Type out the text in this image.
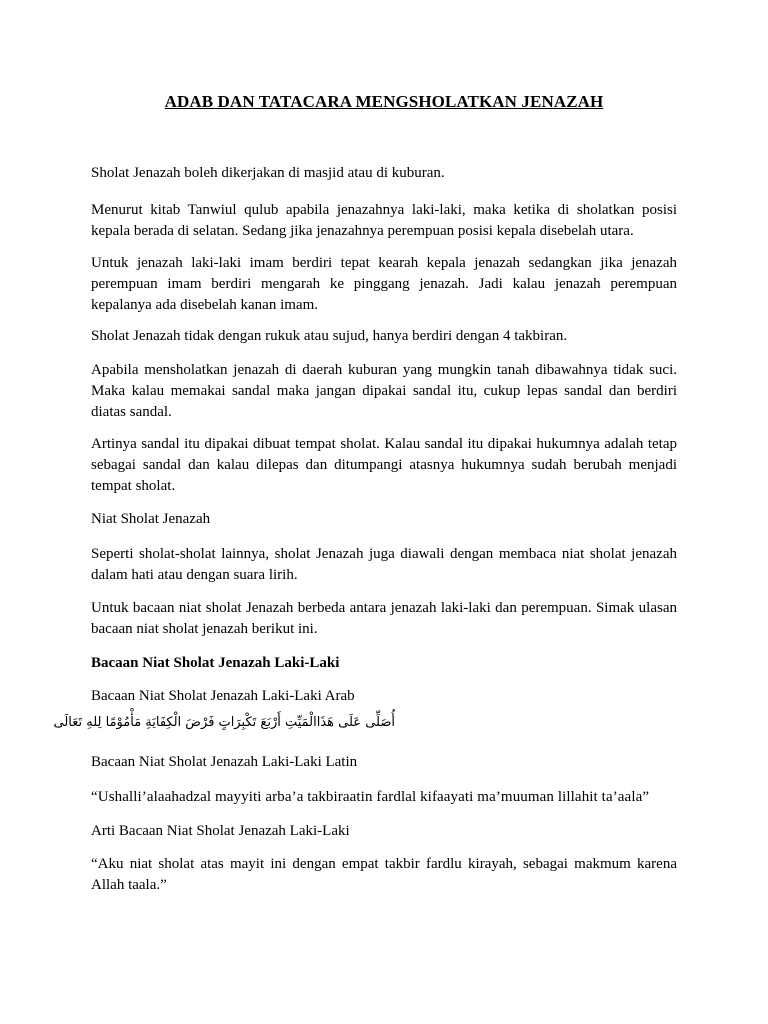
ADAB DAN TATACARA MENGSHOLATKAN JENAZAH

Sholat Jenazah boleh dikerjakan di masjid atau di kuburan.

Menurut kitab Tanwiul qulub apabila jenazahnya laki-laki, maka ketika di sholatkan posisi kepala berada di selatan. Sedang jika jenazahnya perempuan posisi kepala disebelah utara.

Untuk jenazah laki-laki imam berdiri tepat kearah kepala jenazah sedangkan jika jenazah perempuan imam berdiri mengarah ke pinggang jenazah. Jadi kalau jenazah perempuan kepalanya ada disebelah kanan imam.

Sholat Jenazah tidak dengan rukuk atau sujud, hanya berdiri dengan 4 takbiran.

Apabila mensholatkan jenazah di daerah kuburan yang mungkin tanah dibawahnya tidak suci. Maka kalau memakai sandal maka jangan dipakai sandal itu, cukup lepas sandal dan berdiri diatas sandal.

Artinya sandal itu dipakai dibuat tempat sholat. Kalau sandal itu dipakai hukumnya adalah tetap sebagai sandal dan kalau dilepas dan ditumpangi atasnya hukumnya sudah berubah menjadi tempat sholat.

Niat Sholat Jenazah

Seperti sholat-sholat lainnya, sholat Jenazah juga diawali dengan membaca niat sholat jenazah dalam hati atau dengan suara lirih.

Untuk bacaan niat sholat Jenazah berbeda antara jenazah laki-laki dan perempuan. Simak ulasan bacaan niat sholat jenazah berikut ini.

Bacaan Niat Sholat Jenazah Laki-Laki

Bacaan Niat Sholat Jenazah Laki-Laki Arab

أُصَلِّى عَلَى هَذَاالْمَيِّتِ أَرْبَعَ تَكْبِرَاتٍ فَرْضَ الْكِفَايَةِ مَأْمُوْمًا لِلهِ تَعَالَى

Bacaan Niat Sholat Jenazah Laki-Laki Latin

“Ushalli’alaahadzal mayyiti arba’a takbiraatin fardlal kifaayati ma’muuman lillahit ta’aala”

Arti Bacaan Niat Sholat Jenazah Laki-Laki

“Aku niat sholat atas mayit ini dengan empat takbir fardlu kirayah, sebagai makmum karena Allah taala.”
